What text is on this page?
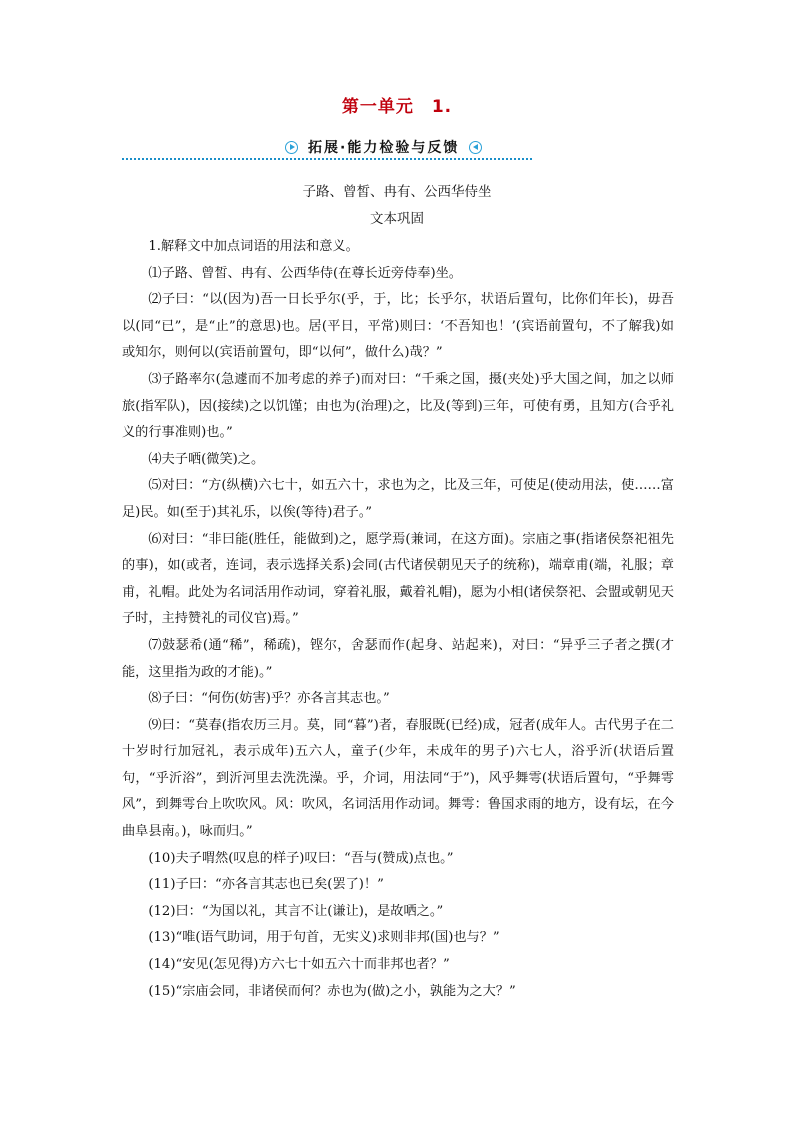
第一单元　1.
拓展·能力检验与反馈
子路、曾皙、冉有、公西华侍坐
文本巩固

1.解释文中加点词语的用法和意义。

⑴子路、曾皙、冉有、公西华侍(在尊长近旁侍奉)坐。

⑵子曰：“以(因为)吾一日长乎尔(乎，于，比；长乎尔，状语后置句，比你们年长)，毋吾以(同“已”，是“止”的意思)也。居(平日，平常)则曰：‘不吾知也！’(宾语前置句，不了解我)如或知尔，则何以(宾语前置句，即“以何”，做什么)哉？”

⑶子路率尔(急遽而不加考虑的养子)而对曰：“千乘之国，摄(夹处)乎大国之间，加之以师旅(指军队)，因(接续)之以饥馑；由也为(治理)之，比及(等到)三年，可使有勇，且知方(合乎礼义的行事准则)也。”

⑷夫子哂(微笑)之。

⑸对曰：“方(纵横)六七十，如五六十，求也为之，比及三年，可使足(使动用法，使……富足)民。如(至于)其礼乐，以俟(等待)君子。”

⑹对曰：“非曰能(胜任，能做到)之，愿学焉(兼词，在这方面)。宗庙之事(指诸侯祭祀祖先的事)，如(或者，连词，表示选择关系)会同(古代诸侯朝见天子的统称)，端章甫(端，礼服；章甫，礼帽。此处为名词活用作动词，穿着礼服，戴着礼帽)，愿为小相(诸侯祭祀、会盟或朝见天子时，主持赞礼的司仪官)焉。”

⑺鼓瑟希(通“稀”，稀疏)，铿尔，舍瑟而作(起身、站起来)，对曰：“异乎三子者之撰(才能，这里指为政的才能)。”

⑻子曰：“何伤(妨害)乎？亦各言其志也。”

⑼曰：“莫春(指农历三月。莫，同“暮”)者，春服既(已经)成，冠者(成年人。古代男子在二十岁时行加冠礼，表示成年)五六人，童子(少年，未成年的男子)六七人，浴乎沂(状语后置句，“乎沂浴”，到沂河里去洗洗澡。乎，介词，用法同“于”)，风乎舞雩(状语后置句，“乎舞雩风”，到舞雩台上吹吹风。风：吹风，名词活用作动词。舞雩：鲁国求雨的地方，设有坛，在今曲阜县南。)，咏而归。”

(10)夫子喟然(叹息的样子)叹曰：“吾与(赞成)点也。”

(11)子曰：“亦各言其志也已矣(罢了)！”

(12)曰：“为国以礼，其言不让(谦让)，是故哂之。”

(13)“唯(语气助词，用于句首，无实义)求则非邦(国)也与？”

(14)“安见(怎见得)方六七十如五六十而非邦也者？”

(15)“宗庙会同，非诸侯而何？赤也为(做)之小，孰能为之大？”
